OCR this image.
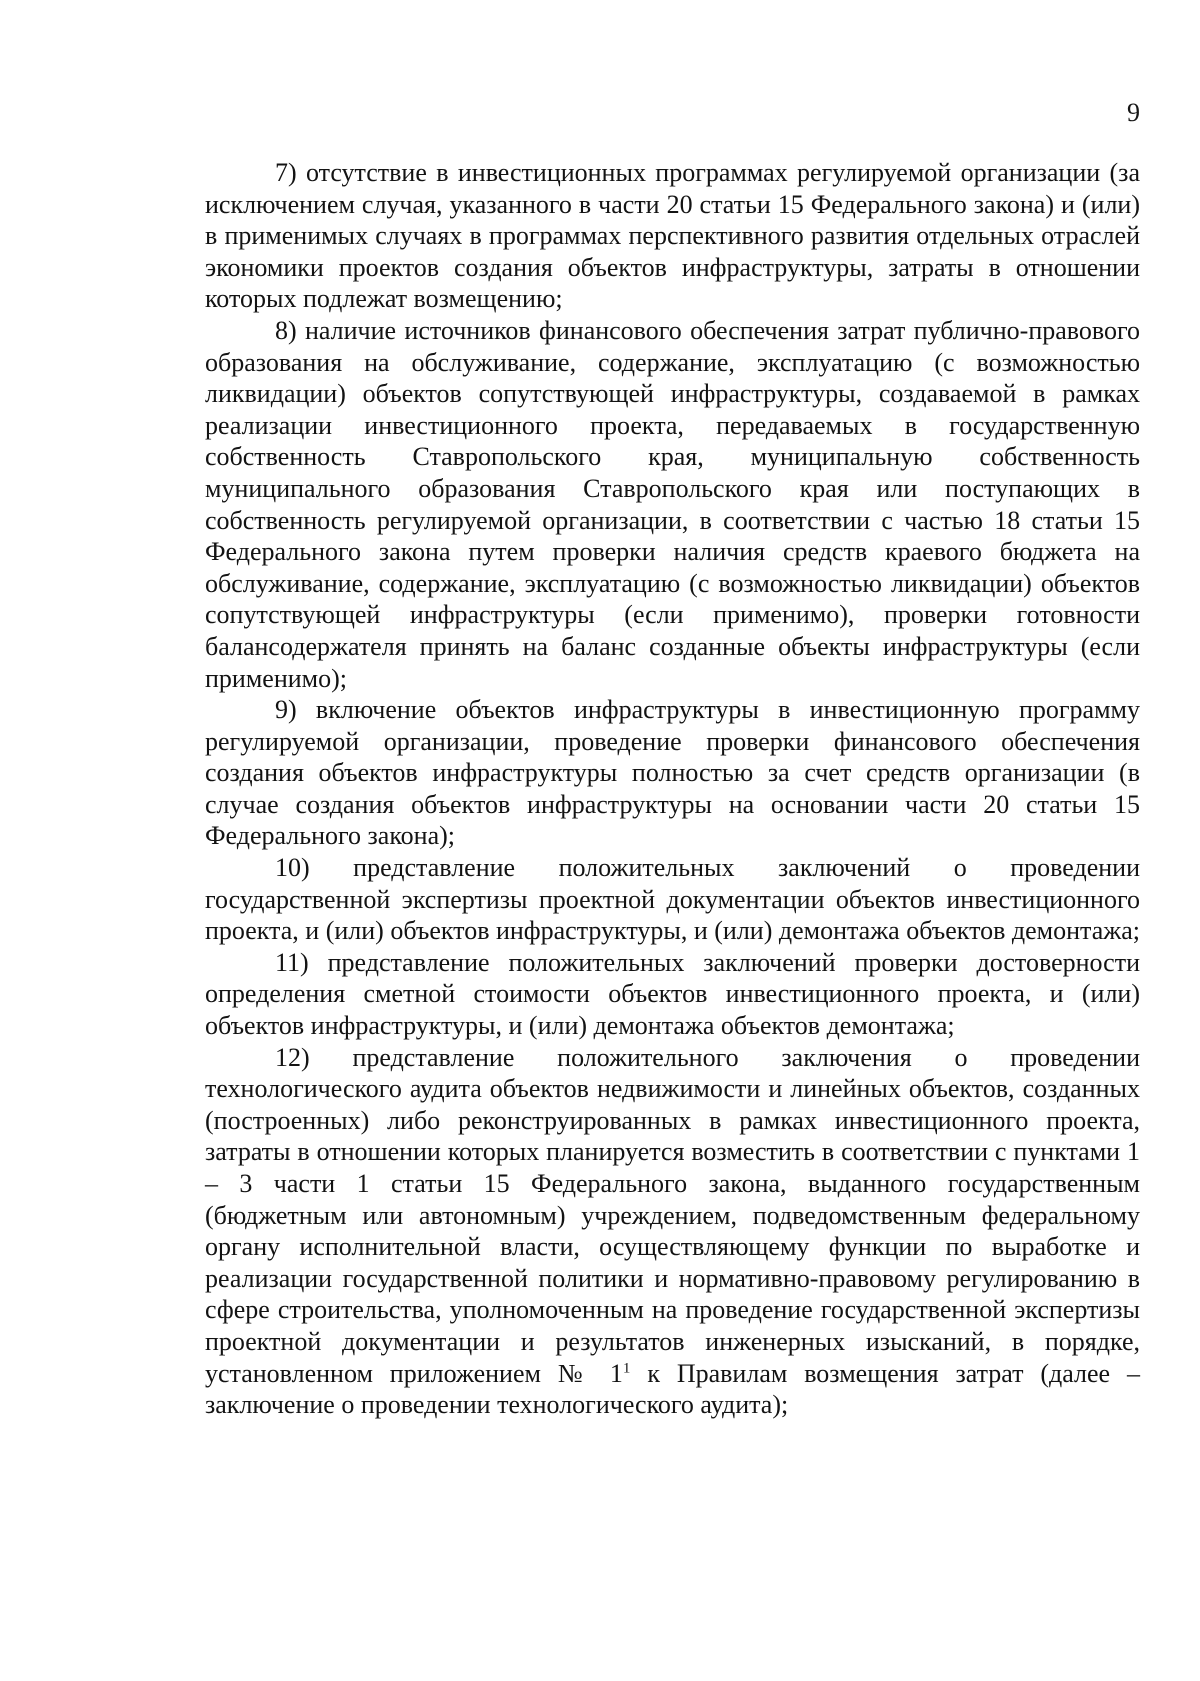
9

7) отсутствие в инвестиционных программах регулируемой организации (за исключением случая, указанного в части 20 статьи 15 Федерального закона) и (или) в применимых случаях в программах перспективного развития отдельных отраслей экономики проектов создания объектов инфраструктуры, затраты в отношении которых подлежат возмещению;

8) наличие источников финансового обеспечения затрат публично-правового образования на обслуживание, содержание, эксплуатацию (с возможностью ликвидации) объектов сопутствующей инфраструктуры, создаваемой в рамках реализации инвестиционного проекта, передаваемых в государственную собственность Ставропольского края, муниципальную собственность муниципального образования Ставропольского края или поступающих в собственность регулируемой организации, в соответствии с частью 18 статьи 15 Федерального закона путем проверки наличия средств краевого бюджета на обслуживание, содержание, эксплуатацию (с возможностью ликвидации) объектов сопутствующей инфраструктуры (если применимо), проверки готовности балансодержателя принять на баланс созданные объекты инфраструктуры (если применимо);

9) включение объектов инфраструктуры в инвестиционную программу регулируемой организации, проведение проверки финансового обеспечения создания объектов инфраструктуры полностью за счет средств организации (в случае создания объектов инфраструктуры на основании части 20 статьи 15 Федерального закона);

10) представление положительных заключений о проведении государственной экспертизы проектной документации объектов инвестиционного проекта, и (или) объектов инфраструктуры, и (или) демонтажа объектов демонтажа;

11) представление положительных заключений проверки достоверности определения сметной стоимости объектов инвестиционного проекта, и (или) объектов инфраструктуры, и (или) демонтажа объектов демонтажа;

12) представление положительного заключения о проведении технологического аудита объектов недвижимости и линейных объектов, созданных (построенных) либо реконструированных в рамках инвестиционного проекта, затраты в отношении которых планируется возместить в соответствии с пунктами 1 – 3 части 1 статьи 15 Федерального закона, выданного государственным (бюджетным или автономным) учреждением, подведомственным федеральному органу исполнительной власти, осуществляющему функции по выработке и реализации государственной политики и нормативно-правовому регулированию в сфере строительства, уполномоченным на проведение государственной экспертизы проектной документации и результатов инженерных изысканий, в порядке, установленном приложением № $1^1$ к Правилам возмещения затрат (далее – заключение о проведении технологического аудита);
